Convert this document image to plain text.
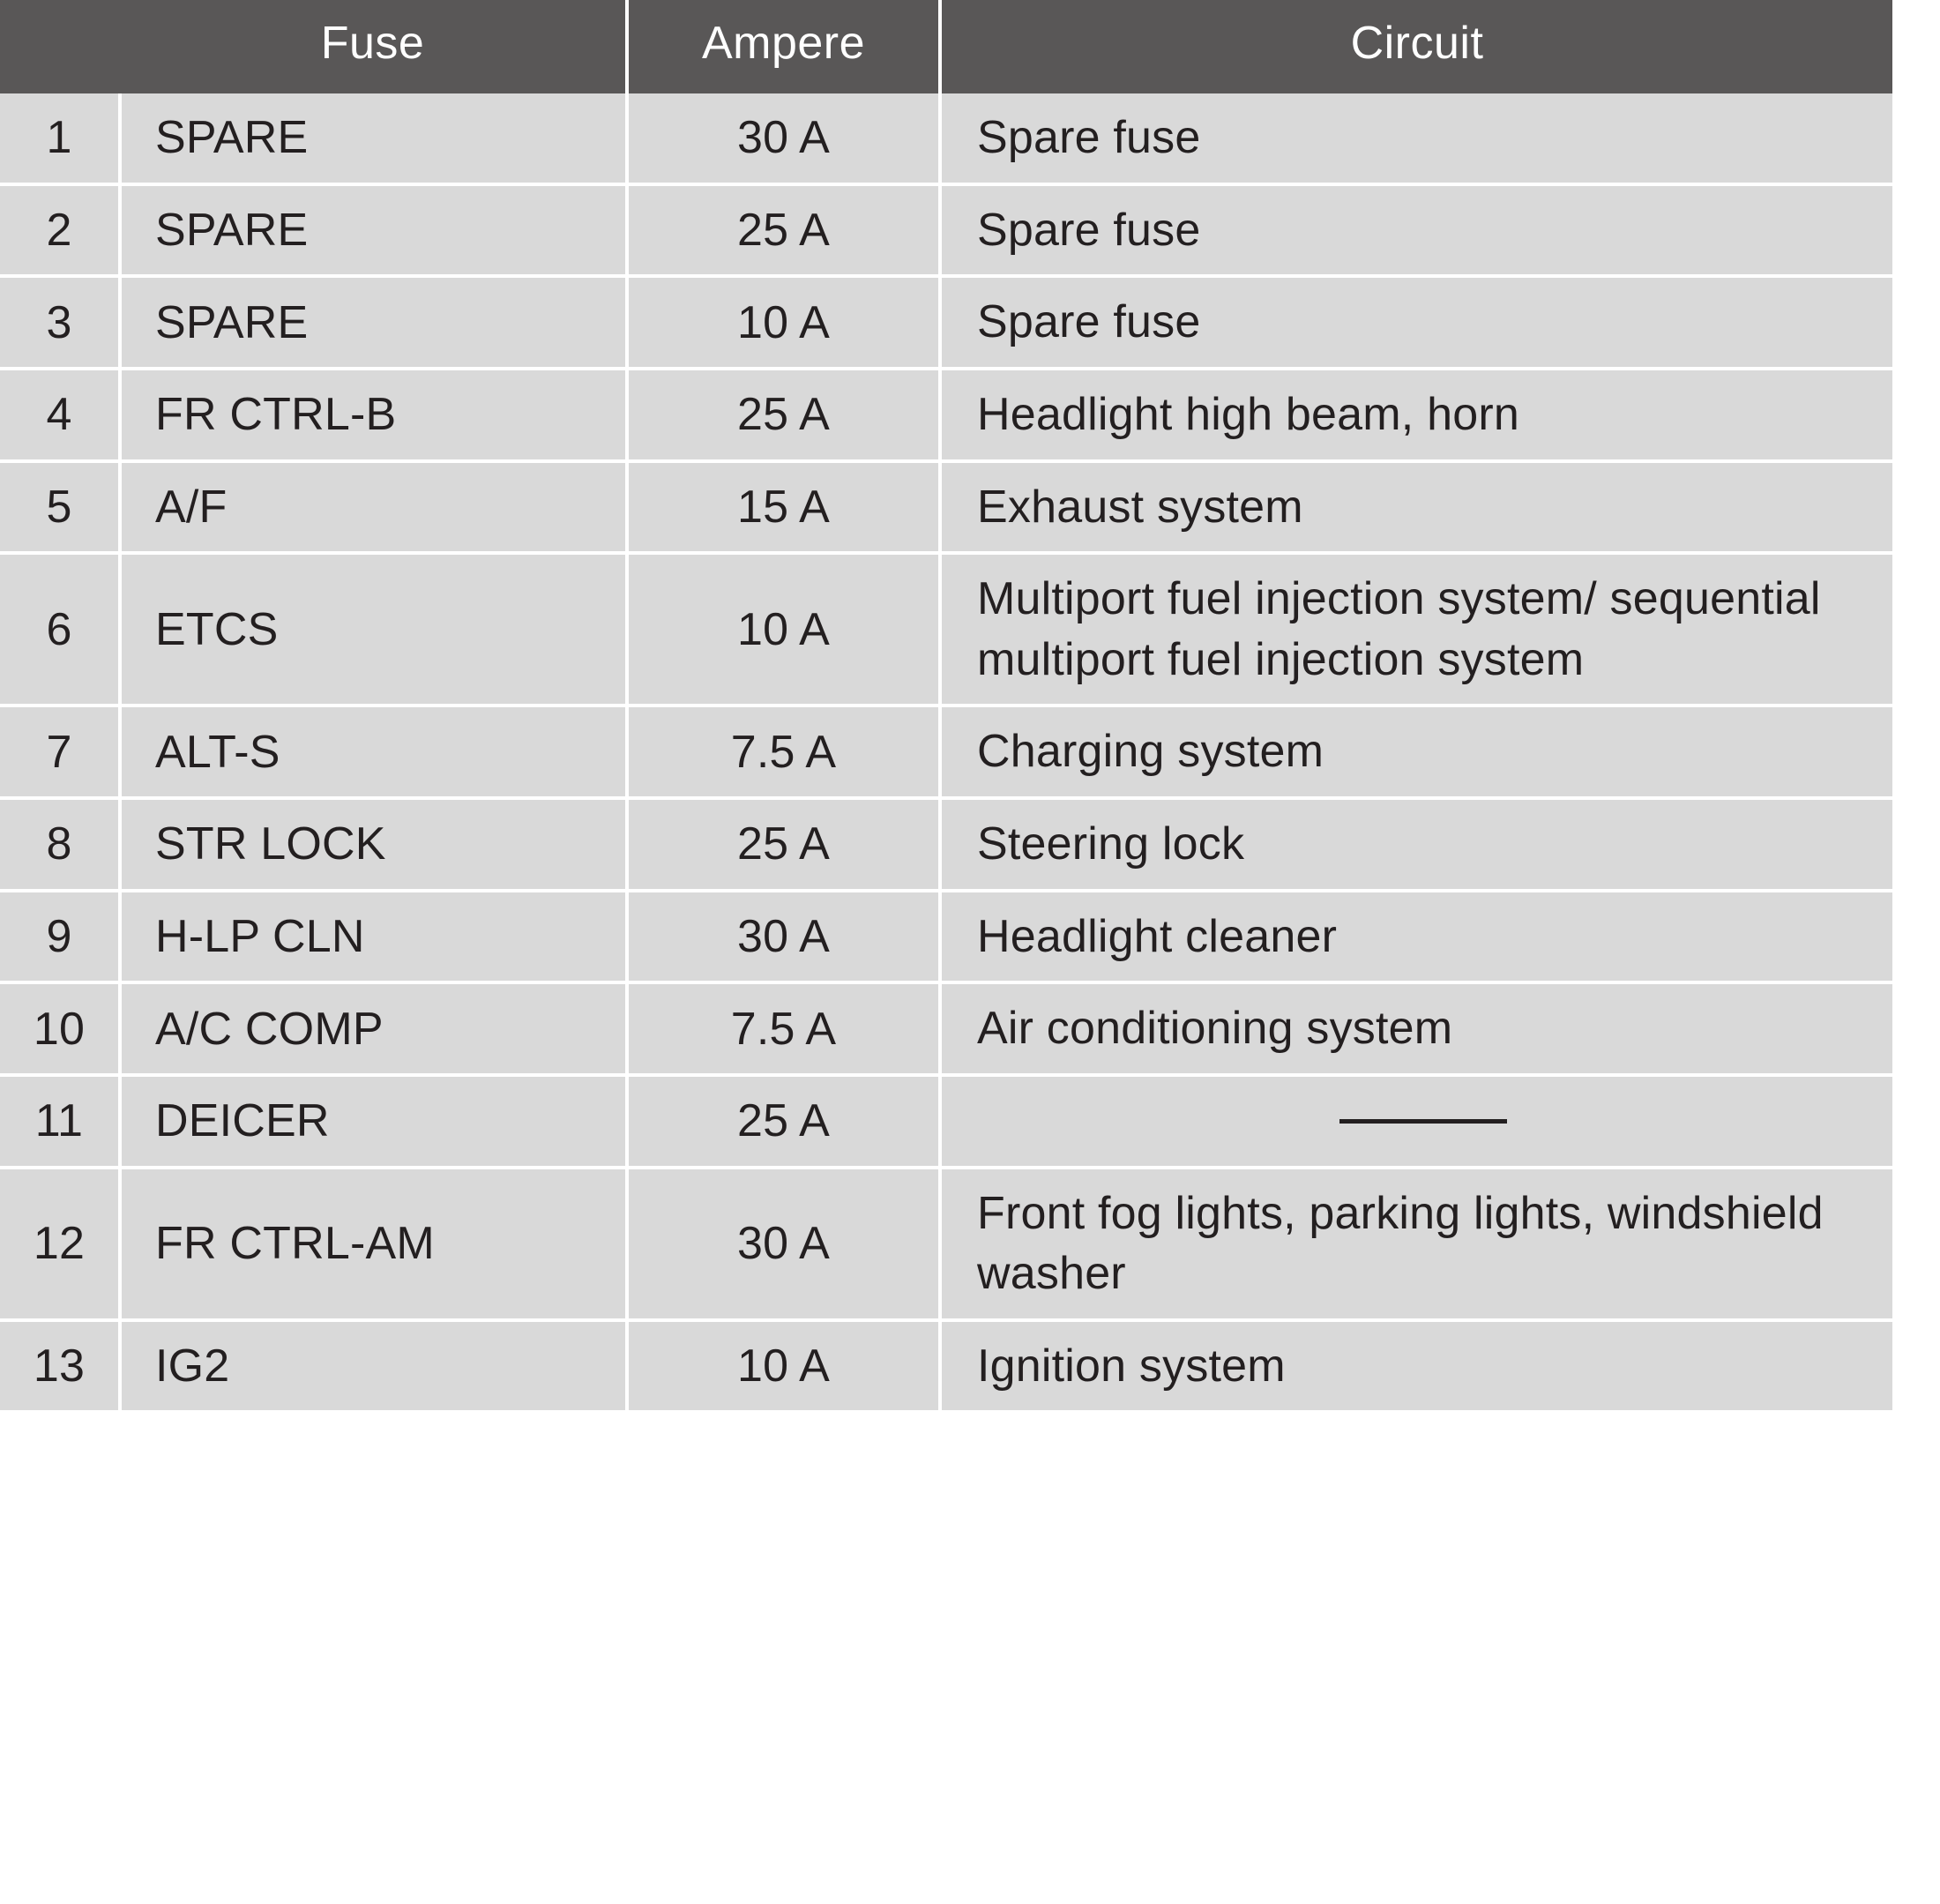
	Fuse	Ampere	Circuit
1	SPARE	30 A	Spare fuse
2	SPARE	25 A	Spare fuse
3	SPARE	10 A	Spare fuse
4	FR CTRL-B	25 A	Headlight high beam, horn
5	A/F	15 A	Exhaust system
6	ETCS	10 A	Multiport fuel injection system/ sequential multiport fuel injection system
7	ALT-S	7.5 A	Charging system
8	STR LOCK	25 A	Steering lock
9	H-LP CLN	30 A	Headlight cleaner
10	A/C COMP	7.5 A	Air conditioning system
11	DEICER	25 A	
12	FR CTRL-AM	30 A	Front fog lights, parking lights, windshield washer
13	IG2	10 A	Ignition system
